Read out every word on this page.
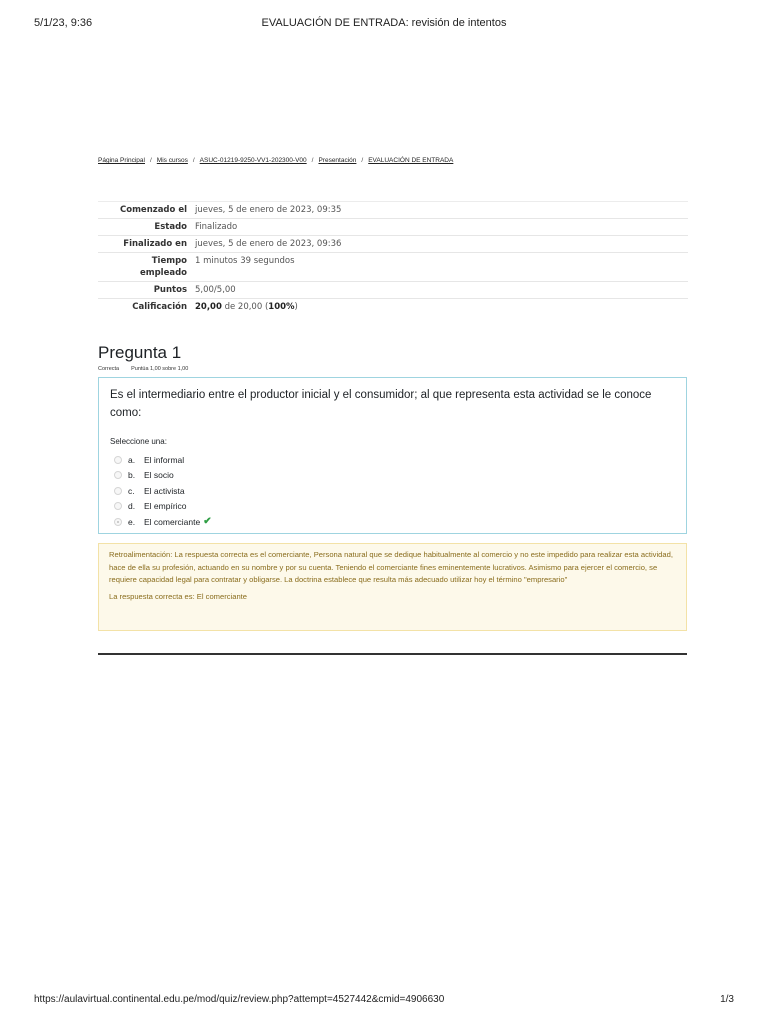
5/1/23, 9:36	EVALUACIÓN DE ENTRADA: revisión de intentos
Página Principal / Mis cursos / ASUC-01219-9250-VV1-202300-V00 / Presentación / EVALUACIÓN DE ENTRADA
Comenzado el	jueves, 5 de enero de 2023, 09:35
Estado	Finalizado
Finalizado en	jueves, 5 de enero de 2023, 09:36
Tiempo
empleado	1 minutos 39 segundos
Puntos	5,00/5,00
Calificación	20,00 de 20,00 (100%)
Pregunta 1
Correcta Puntúa 1,00 sobre 1,00
Es el intermediario entre el productor inicial y el consumidor; al que representa esta actividad se le conoce como:
Seleccione una:
a.	El informal
b.	El socio
c.	El activista
d.	El empírico
e.	El comerciante ✔

Retroalimentación: La respuesta correcta es el comerciante, Persona natural que se dedique habitualmente al comercio y no este impedido para realizar esta actividad, hace de ella su profesión, actuando en su nombre y por su cuenta. Teniendo el comerciante fines eminentemente lucrativos. Asimismo para ejercer el comercio, se requiere capacidad legal para contratar y obligarse. La doctrina establece que resulta más adecuado utilizar hoy el término "empresario"

La respuesta correcta es: El comerciante

https://aulavirtual.continental.edu.pe/mod/quiz/review.php?attempt=4527442&cmid=4906630	1/3
